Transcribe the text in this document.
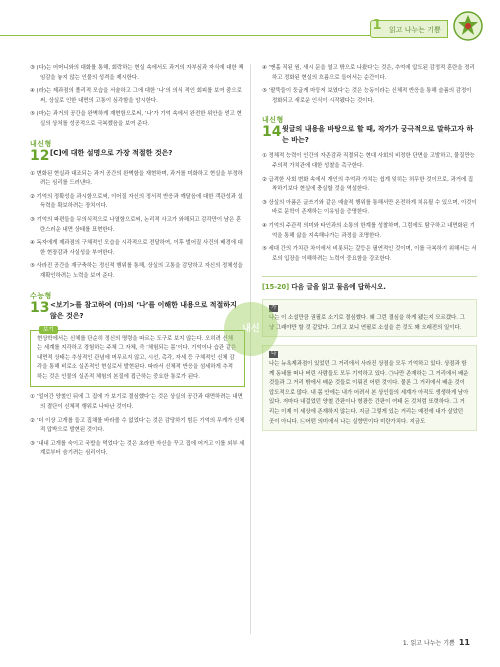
읽고 나누는 기쁨
1
③ (다)는 어머니와의 대화를 통해, 회락하는 현실 속에서도 과거의 자부심과 자식에 대한 책임감을 놓지 않는 인물의 성격을 제시한다.
④ (라)는 제과점의 폴리적 모습을 서술하고 그에 대한 ‘나’의 의식 적인 회피를 보여 줌으로써, 상실로 인한 내면의 고통이 심각함을 암시한다.
⑤ (마)는 과거의 공간을 완벽하게 재현함으로써, ‘나’가 기억 속에서 완전한 위안을 얻고 현실의 상처를 성공적으로 극복했음을 보여 준다.
내신형
12 [C]에 대한 설명으로 가장 적절한 것은?
① 변화된 현실과 대조되는 과거 공간의 완벽함을 재현하며, 과거를 미화하고 현실을 부정하려는 심리를 드러낸다.
② 기억의 정확성을 과시함으로써, 이어질 자신의 정서적 반응과 깨달음에 대한 객관성과 설득력을 확보하려는 장치이다.
③ 기억의 파편들을 무의식적으로 나열함으로써, 논리적 사고가 와해되고 감각만이 남은 혼란스러운 내면 상태를 표현한다.
④ 독자에게 제과점의 구체적인 모습을 시각적으로 전달하여, 이후 벌어질 사건의 배경에 대한 현장감과 사실성을 부여한다.
⑤ 사라진 공간을 재구축하는 정신적 행위를 통해, 상실의 고통을 감당하고 자신의 정체성을 재확인하려는 노력을 보여 준다.
수능형
13 <보기>를 참고하여 (마)의 ‘나’를 이해한 내용으로 적절하지 않은 것은?
보기
현상학에서는 신체를 단순히 정신의 명령을 따르는 도구로 보지 않는다. 오히려 신체는 세계를 지각하고 경험하는 주체 그 자체, 즉 ‘체험되는 몸’이다. 기억이나 습관 같은 내면적 상태는 추상적인 관념에 머무르지 않고, 시선, 촉각, 자세 등 구체적인 신체 감각을 통해 비로소 실존적인 현실로서 발현된다. 따라서 신체적 반응을 섬세하게 추적하는 것은 인물의 실존적 체험의 본질에 접근하는 중요한 통로가 된다.
① ‘얼어간 양철인 뒤에 그 집에 가 보기로 결심했다’는 것은 상실의 공간과 대면하려는 내면의 결단이 신체적 행위로 나타난 것이다.
② ‘더 이상 고개를 들고 집채를 바라볼 수 없었다’는 것은 감당하기 힘든 기억의 무게가 신체적 압박으로 발현된 것이다.
③ ‘내내 고개를 숙이고 국밥을 먹었다’는 것은 초라한 자신을 꾸고 집에 어거고 이를 외부 세계로부터 숨기려는 심리이다.
④ ‘맨홀 직된 원, 새시 문을 열고 밖으로 나왔다’는 것은, 추억에 압도된 감정적 혼란을 정리하고 정화된 현실의 흐름으로 들어서는 순간이다.
⑤ ‘팔뚝들이 둥글게 마둥저 보였다’는 것은 능동이라는 신체적 반응을 통해 슬픔의 감정이 정화되고 새로운 인식이 시작됐다는 것이다.
내신형
14 윗글의 내용을 바탕으로 할 때, 작가가 궁극적으로 말하고자 하는 바는?
① 정체적 능력이 인간의 자존감과 직결되는 현대 사회의 비정한 단면을 고발하고, 물질만능주의적 가치관에 대한 성찰을 촉구한다.
② 급격한 사회 변화 속에서 개인의 추억과 가치는 쉽게 잊히는 허무한 것이므로, 과거에 집착하기보다 현실에 충실할 것을 역설한다.
③ 상실의 아픔은 글쓰기와 같은 예술적 행위를 통해서만 온전하게 치유될 수 있으며, 이것이 바로 문학이 존재하는 이유임을 증명한다.
④ 기억의 주관적 의미와 타인과의 소통의 한계를 성찰하며, 그럼에도 탐구하고 내면화된 기억을 통해 삶을 지속해나가는 과정을 조명한다.
⑤ 세대 간의 가치관 차이에서 비롯되는 갈등은 필연적인 것이며, 이를 극복하기 위해서는 서로의 입장을 이해하려는 노력이 중요함을 강조한다.
[15-20] 다음 글을 읽고 물음에 답하시오.
가
나는 이 소설만큼 권필로 소기로 결심했다. 왜 그런 결심을 하게 됐는지 모르겠다. 그냥 그래야만 할 것 같았다. 그러고 보니 연필로 소설을 쓴 것도 꽤 오래전의 일이다.
나
나는 뉴욕제과점이 있었던 그 거리에서 사라진 상점을 모두 기억하고 있다. 상점과 함께 동네를 떠나 버린 사람들도 모두 기억하고 있다. ㉠나만 존재하는 그 거리에서 배운 것들과 그 거리 밖에서 배운 것들로 이뤄진 어떤 것이다. 물론 그 거리에서 배운 것이 압도적으로 많다. 내 몸 안에는 내가 어려서 본 상인들의 세계가 아직도 생생하게 남아 있다. 저마다 내걸었던 양철 간판이나 형광등 간판이 여태 돈 것처럼 또렷하다. 그 거리는 이제 이 세상에 존재하지 않는다. 지금 그렇게 있는 거리는 예전에 내가 살았던 곳이 아니다. ㉡어떤 의미에서 나는 실향민이다 미란가치다. 지금도
내신
1. 읽고 나누는 기쁨 11
